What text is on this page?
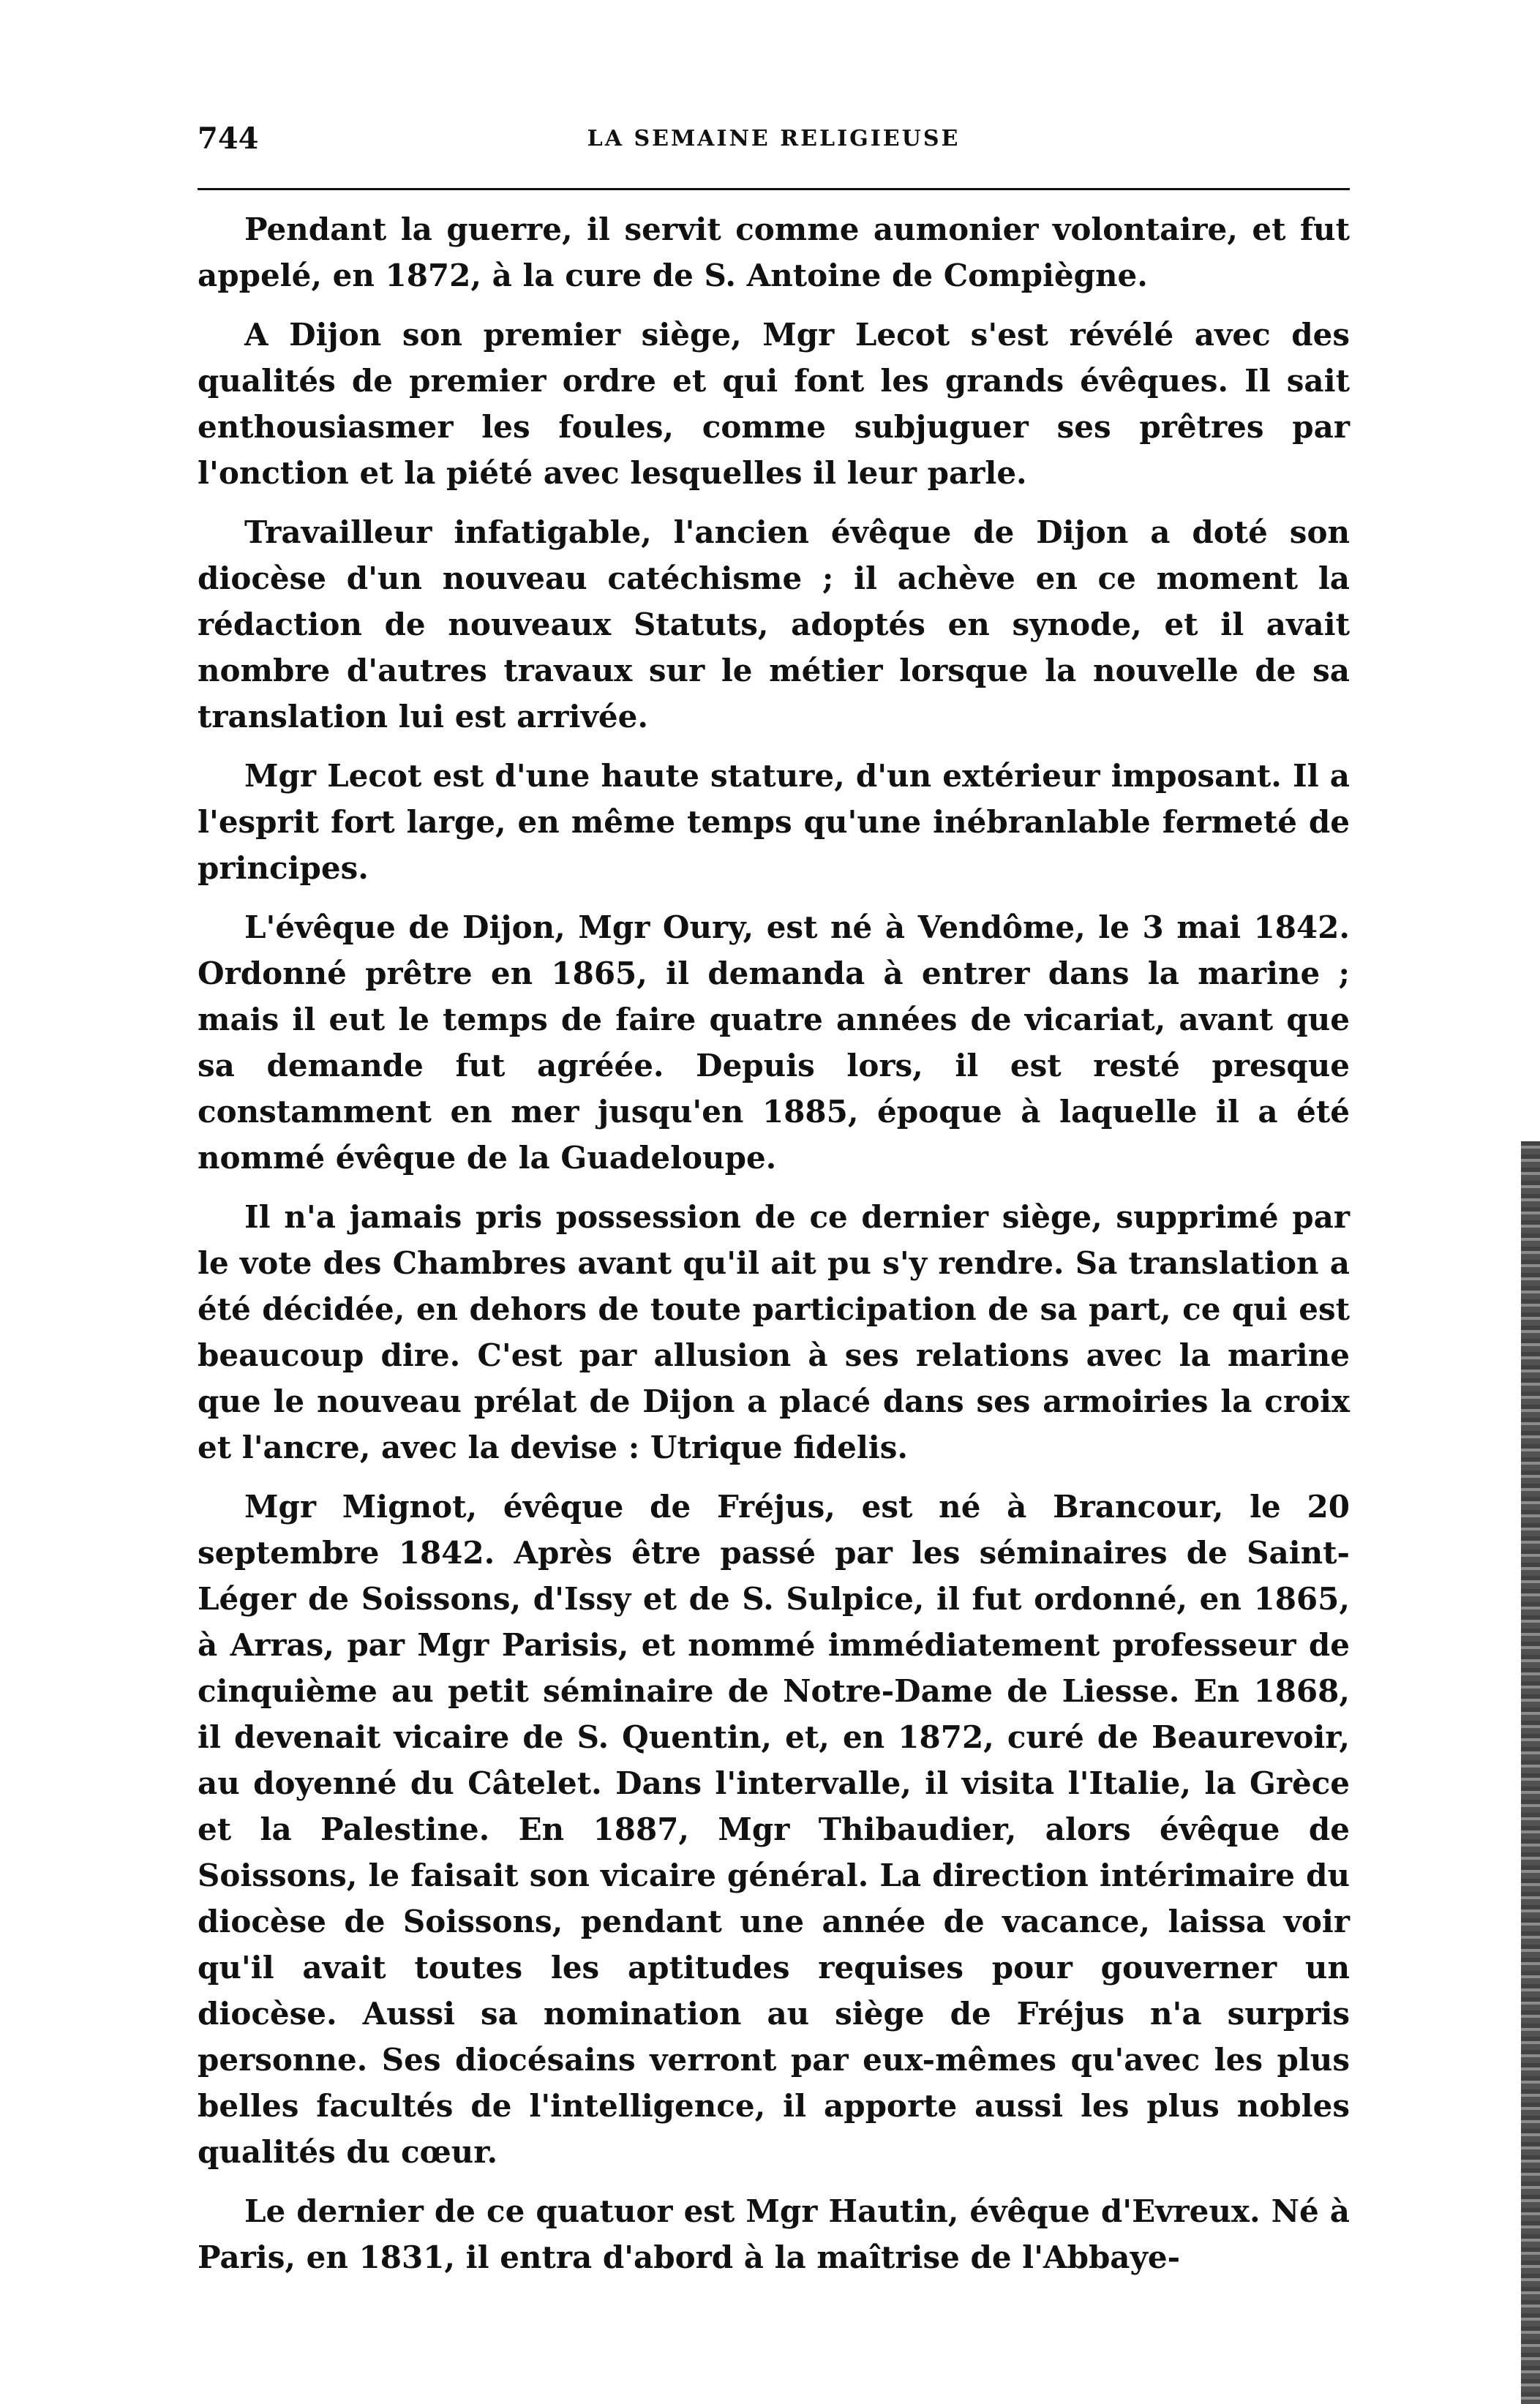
744	LA SEMAINE RELIGIEUSE

Pendant la guerre, il servit comme aumonier volontaire, et fut appelé, en 1872, à la cure de S. Antoine de Compiègne.

A Dijon son premier siège, Mgr Lecot s'est révélé avec des qualités de premier ordre et qui font les grands évêques. Il sait enthousiasmer les foules, comme subjuguer ses prêtres par l'onction et la piété avec lesquelles il leur parle.

Travailleur infatigable, l'ancien évêque de Dijon a doté son diocèse d'un nouveau catéchisme ; il achève en ce moment la rédaction de nouveaux Statuts, adoptés en synode, et il avait nombre d'autres travaux sur le métier lorsque la nouvelle de sa translation lui est arrivée.

Mgr Lecot est d'une haute stature, d'un extérieur imposant. Il a l'esprit fort large, en même temps qu'une inébranlable fermeté de principes.

L'évêque de Dijon, Mgr Oury, est né à Vendôme, le 3 mai 1842. Ordonné prêtre en 1865, il demanda à entrer dans la marine ; mais il eut le temps de faire quatre années de vicariat, avant que sa demande fut agréée. Depuis lors, il est resté presque constamment en mer jusqu'en 1885, époque à laquelle il a été nommé évêque de la Guadeloupe.

Il n'a jamais pris possession de ce dernier siège, supprimé par le vote des Chambres avant qu'il ait pu s'y rendre. Sa translation a été décidée, en dehors de toute participation de sa part, ce qui est beaucoup dire. C'est par allusion à ses relations avec la marine que le nouveau prélat de Dijon a placé dans ses armoiries la croix et l'ancre, avec la devise : Utrique fidelis.

Mgr Mignot, évêque de Fréjus, est né à Brancour, le 20 septembre 1842. Après être passé par les séminaires de Saint-Léger de Soissons, d'Issy et de S. Sulpice, il fut ordonné, en 1865, à Arras, par Mgr Parisis, et nommé immédiatement professeur de cinquième au petit séminaire de Notre-Dame de Liesse. En 1868, il devenait vicaire de S. Quentin, et, en 1872, curé de Beaurevoir, au doyenné du Câtelet. Dans l'intervalle, il visita l'Italie, la Grèce et la Palestine. En 1887, Mgr Thibaudier, alors évêque de Soissons, le faisait son vicaire général. La direction intérimaire du diocèse de Soissons, pendant une année de vacance, laissa voir qu'il avait toutes les aptitudes requises pour gouverner un diocèse. Aussi sa nomination au siège de Fréjus n'a surpris personne. Ses diocésains verront par eux-mêmes qu'avec les plus belles facultés de l'intelligence, il apporte aussi les plus nobles qualités du cœur.

Le dernier de ce quatuor est Mgr Hautin, évêque d'Evreux. Né à Paris, en 1831, il entra d'abord à la maîtrise de l'Abbaye-
